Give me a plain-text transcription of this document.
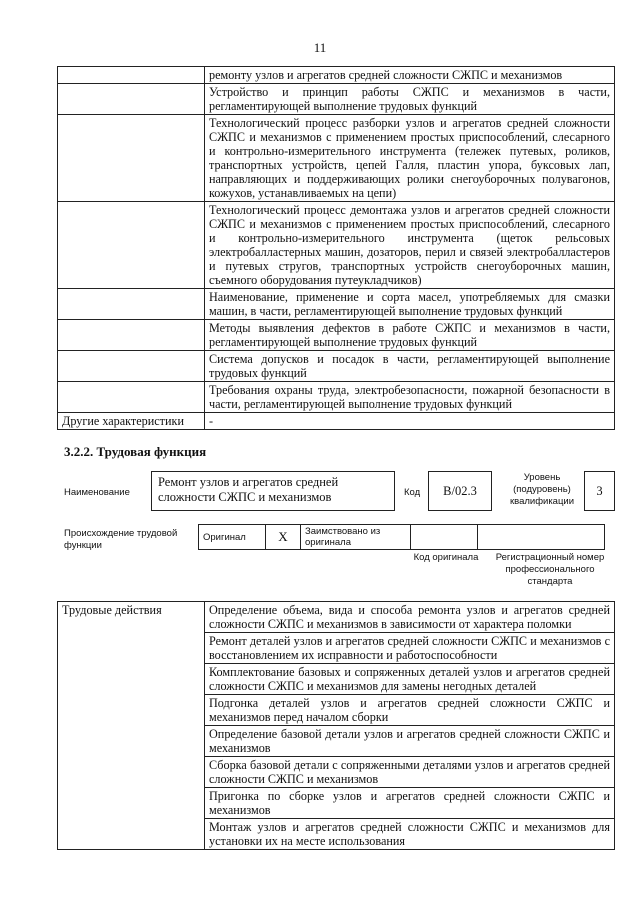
11
	ремонту узлов и агрегатов средней сложности СЖПС и механизмов
	Устройство и принцип работы СЖПС и механизмов в части, регламентирующей выполнение трудовых функций
	Технологический процесс разборки узлов и агрегатов средней сложности СЖПС и механизмов с применением простых приспособлений, слесарного и контрольно-измерительного инструмента (тележек путевых, роликов, транспортных устройств, цепей Галля, пластин упора, буксовых лап, направляющих и поддерживающих ролики снегоуборочных полувагонов, кожухов, устанавливаемых на цепи)
	Технологический процесс демонтажа узлов и агрегатов средней сложности СЖПС и механизмов с применением простых приспособлений, слесарного и контрольно-измерительного инструмента (щеток рельсовых электробалластерных машин, дозаторов, перил и связей электробалластеров и путевых стругов, транспортных устройств снегоуборочных машин, съемного оборудования путеукладчиков)
	Наименование, применение и сорта масел, употребляемых для смазки машин, в части, регламентирующей выполнение трудовых функций
	Методы выявления дефектов в работе СЖПС и механизмов в части, регламентирующей выполнение трудовых функций
	Система допусков и посадок в части, регламентирующей выполнение трудовых функций
	Требования охраны труда, электробезопасности, пожарной безопасности в части, регламентирующей выполнение трудовых функций
Другие характеристики	-
3.2.2. Трудовая функция
Наименование
Ремонт узлов и агрегатов средней сложности СЖПС и механизмов	Код	В/02.3
Уровень (подуровень) квалификации
3
Происхождение трудовой функции
Оригинал	X	Заимствовано из оригинала		
Код оригинала	Регистрационный номер профессионального стандарта
Трудовые действия	Определение объема, вида и способа ремонта узлов и агрегатов средней сложности СЖПС и механизмов в зависимости от характера поломки
Ремонт деталей узлов и агрегатов средней сложности СЖПС и механизмов с восстановлением их исправности и работоспособности
Комплектование базовых и сопряженных деталей узлов и агрегатов средней сложности СЖПС и механизмов для замены негодных деталей
Подгонка деталей узлов и агрегатов средней сложности СЖПС и механизмов перед началом сборки
Определение базовой детали узлов и агрегатов средней сложности СЖПС и механизмов
Сборка базовой детали с сопряженными деталями узлов и агрегатов средней сложности СЖПС и механизмов
Пригонка по сборке узлов и агрегатов средней сложности СЖПС и механизмов
Монтаж узлов и агрегатов средней сложности СЖПС и механизмов для установки их на месте использования
